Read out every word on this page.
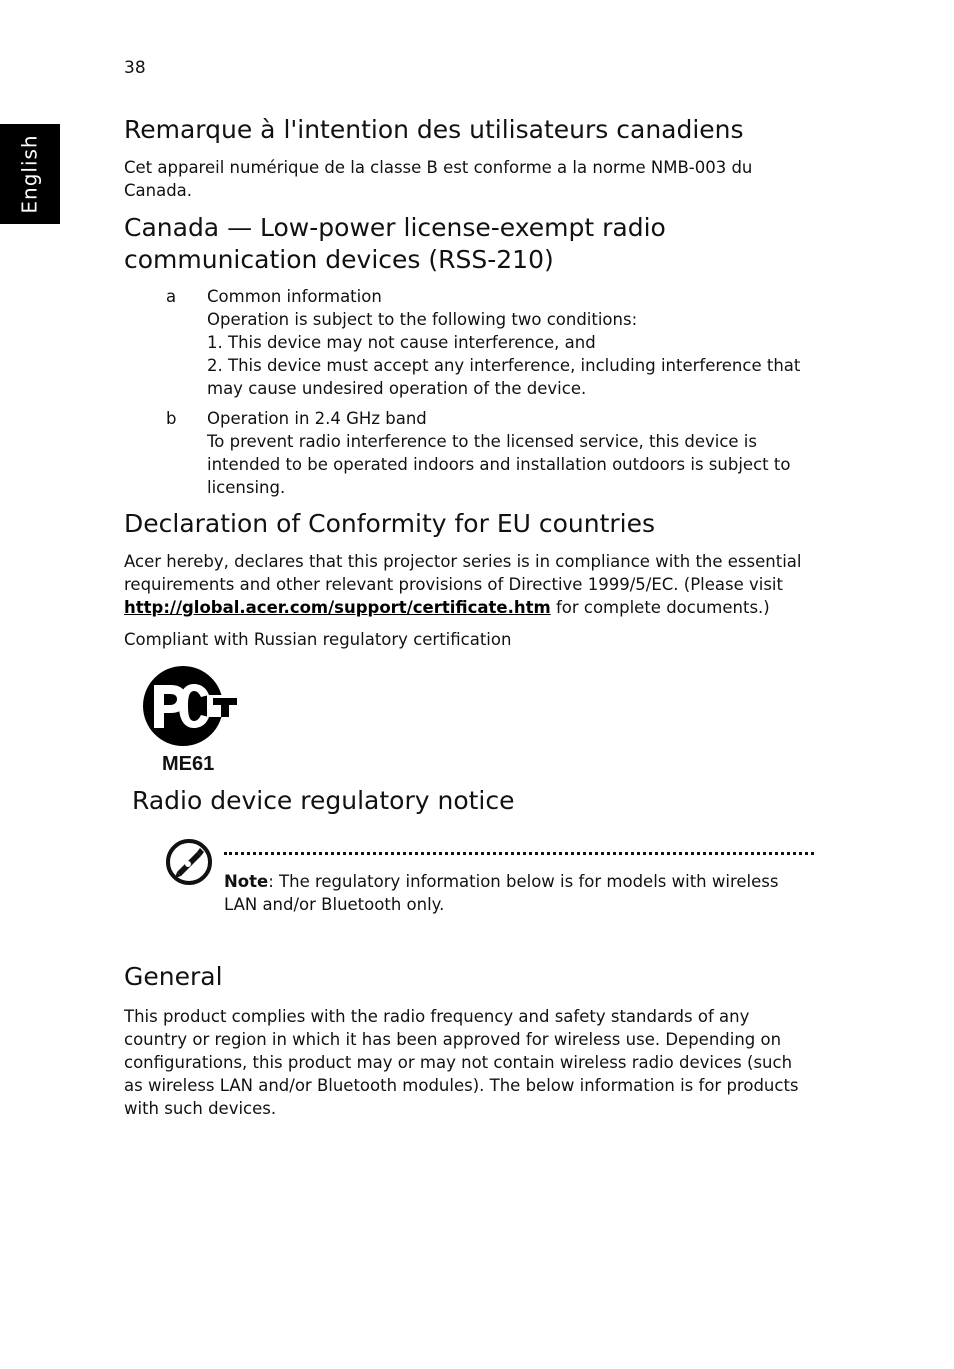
38
English
Remarque à l'intention des utilisateurs canadiens

Cet appareil numérique de la classe B est conforme a la norme NMB-003 du Canada.

Canada — Low-power license-exempt radio communication devices (RSS-210)
a	Common information

Operation is subject to the following two conditions:

1. This device may not cause interference, and

2. This device must accept any interference, including interference that may cause undesired operation of the device.

b	Operation in 2.4 GHz band

To prevent radio interference to the licensed service, this device is intended to be operated indoors and installation outdoors is subject to licensing.

Declaration of Conformity for EU countries

Acer hereby, declares that this projector series is in compliance with the essential requirements and other relevant provisions of Directive 1999/5/EC. (Please visit http://global.acer.com/support/certificate.htm for complete documents.)

Compliant with Russian regulatory certification

ME61
Radio device regulatory notice

Note: The regulatory information below is for models with wireless LAN and/or Bluetooth only.

General

This product complies with the radio frequency and safety standards of any country or region in which it has been approved for wireless use. Depending on configurations, this product may or may not contain wireless radio devices (such as wireless LAN and/or Bluetooth modules). The below information is for products with such devices.
